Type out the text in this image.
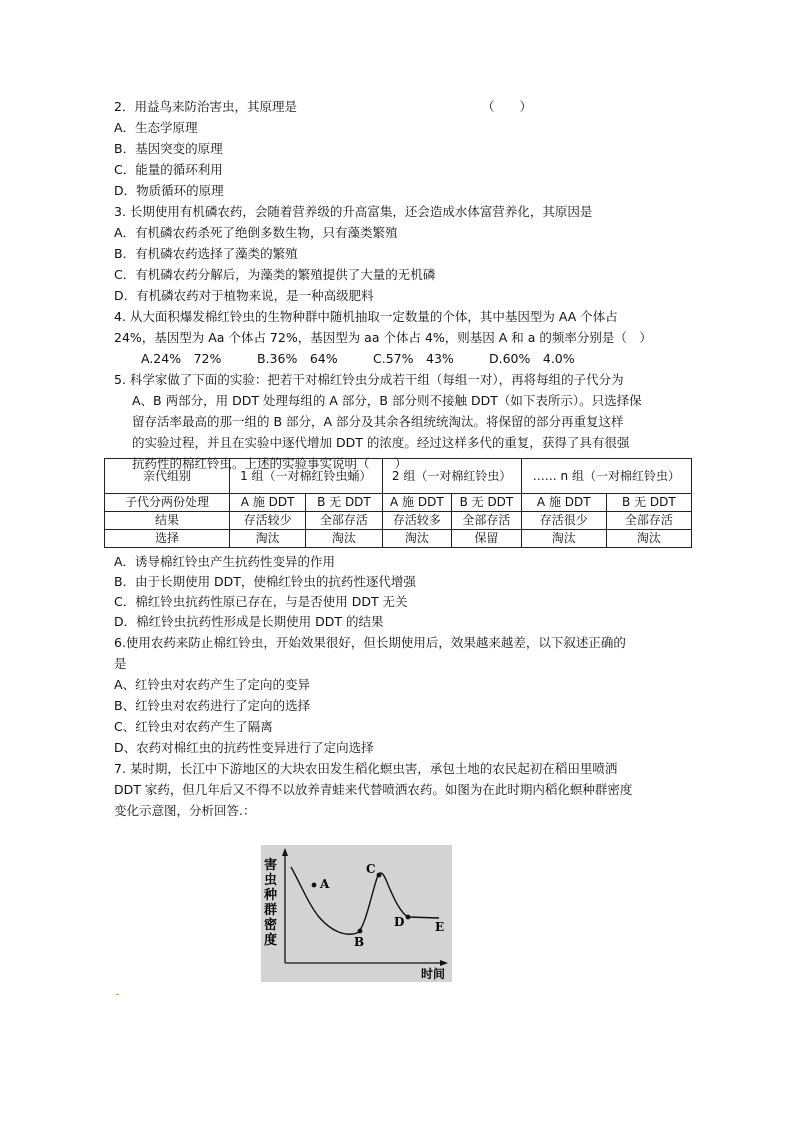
2．用益鸟来防治害虫，其原理是	（　　）
A．生态学原理
B．基因突变的原理
C．能量的循环利用
D．物质循环的原理
3. 长期使用有机磷农药，会随着营养级的升高富集，还会造成水体富营养化，其原因是
A．有机磷农药杀死了绝倒多数生物，只有藻类繁殖
B．有机磷农药选择了藻类的繁殖
C．有机磷农药分解后，为藻类的繁殖提供了大量的无机磷
D．有机磷农药对于植物来说，是一种高级肥料
4. 从大面积爆发棉红铃虫的生物种群中随机抽取一定数量的个体，其中基因型为 AA 个体占
24%，基因型为 Aa 个体占 72%，基因型为 aa 个体占 4%，则基因 A 和 a 的频率分别是（　）
A.24%　72%	B.36%　64%	C.57%　43%	D.60%　4.0%
5. 科学家做了下面的实验：把若干对棉红铃虫分成若干组（每组一对），再将每组的子代分为
A、B 两部分，用 DDT 处理每组的 A 部分，B 部分则不接触 DDT（如下表所示）。只选择保
留存活率最高的那一组的 B 部分，A 部分及其余各组统统淘汰。将保留的部分再重复这样
的实验过程，并且在实验中逐代增加 DDT 的浓度。经过这样多代的重复，获得了具有很强
抗药性的棉红铃虫。上述的实验事实说明（　　）
亲代组别	1 组（一对棉红铃虫蛹）		2 组（一对棉红铃虫）		…… n 组（一对棉红铃虫）	
子代分两份处理	A 施 DDT	B 无 DDT	A 施 DDT	B 无 DDT	A 施 DDT	B 无 DDT
结果	存活较少	全部存活	存活较多	全部存活	存活很少	全部存活
选择	淘汰	淘汰	淘汰	保留	淘汰	淘汰
A．诱导棉红铃虫产生抗药性变异的作用
B．由于长期使用 DDT，使棉红铃虫的抗药性逐代增强
C．棉红铃虫抗药性原已存在，与是否使用 DDT 无关
D．棉红铃虫抗药性形成是长期使用 DDT 的结果
6.使用农药来防止棉红铃虫，开始效果很好，但长期使用后，效果越来越差，以下叙述正确的
是
A、红铃虫对农药产生了定向的变异
B、红铃虫对农药进行了定向的选择
C、红铃虫对农药产生了隔离
D、农药对棉红虫的抗药性变异进行了定向选择
7. 某时期，长江中下游地区的大块农田发生稻化螟虫害，承包土地的农民起初在稻田里喷洒
DDT 家药，但几年后又不得不以放养青蛙来代替喷洒农药。如图为在此时期内稻化螟种群密度
变化示意图，分析回答.：
A
B
C
D	E
害
虫
种
群
密
度
时间
